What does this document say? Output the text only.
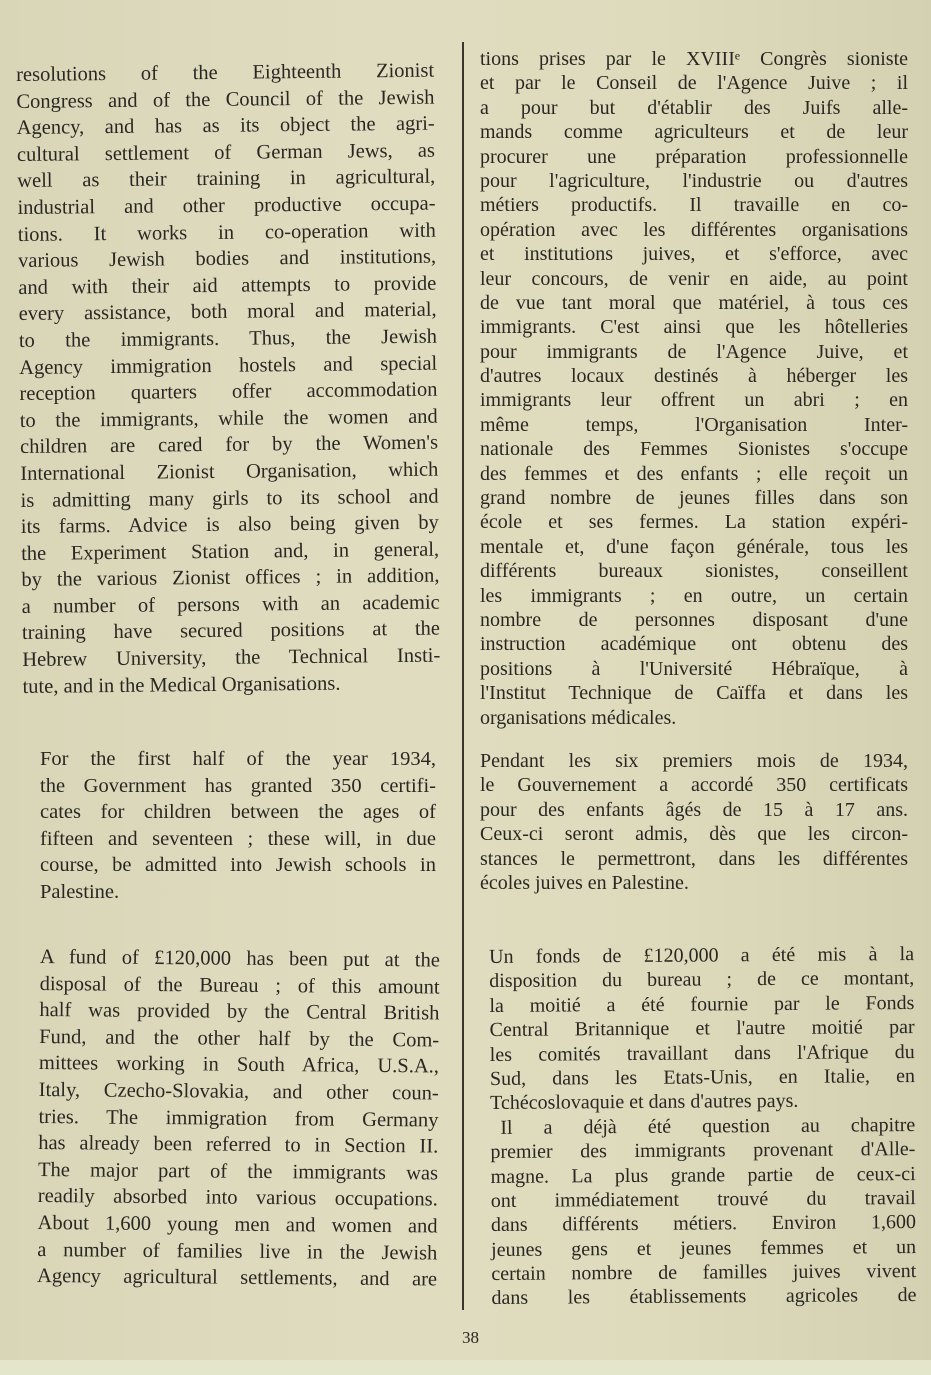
resolutions of the Eighteenth Zionist
Congress and of the Council of the Jewish
Agency, and has as its object the agri-
cultural settlement of German Jews, as
well as their training in agricultural,
industrial and other productive occupa-
tions. It works in co-operation with
various Jewish bodies and institutions,
and with their aid attempts to provide
every assistance, both moral and material,
to the immigrants. Thus, the Jewish
Agency immigration hostels and special
reception quarters offer accommodation
to the immigrants, while the women and
children are cared for by the Women's
International Zionist Organisation, which
is admitting many girls to its school and
its farms. Advice is also being given by
the Experiment Station and, in general,
by the various Zionist offices ; in addition,
a number of persons with an academic
training have secured positions at the
Hebrew University, the Technical Insti-
tute, and in the Medical Organisations.
For the first half of the year 1934,
the Government has granted 350 certifi-
cates for children between the ages of
fifteen and seventeen ; these will, in due
course, be admitted into Jewish schools in
Palestine.
A fund of £120,000 has been put at the
disposal of the Bureau ; of this amount
half was provided by the Central British
Fund, and the other half by the Com-
mittees working in South Africa, U.S.A.,
Italy, Czecho-Slovakia, and other coun-
tries. The immigration from Germany
has already been referred to in Section II.
The major part of the immigrants was
readily absorbed into various occupations.
About 1,600 young men and women and
a number of families live in the Jewish
Agency agricultural settlements, and are
tions prises par le XVIIIᵉ Congrès sioniste
et par le Conseil de l'Agence Juive ; il
a pour but d'établir des Juifs alle-
mands comme agriculteurs et de leur
procurer une préparation professionnelle
pour l'agriculture, l'industrie ou d'autres
métiers productifs. Il travaille en co-
opération avec les différentes organisations
et institutions juives, et s'efforce, avec
leur concours, de venir en aide, au point
de vue tant moral que matériel, à tous ces
immigrants. C'est ainsi que les hôtelleries
pour immigrants de l'Agence Juive, et
d'autres locaux destinés à héberger les
immigrants leur offrent un abri ; en
même temps, l'Organisation Inter-
nationale des Femmes Sionistes s'occupe
des femmes et des enfants ; elle reçoit un
grand nombre de jeunes filles dans son
école et ses fermes. La station expéri-
mentale et, d'une façon générale, tous les
différents bureaux sionistes, conseillent
les immigrants ; en outre, un certain
nombre de personnes disposant d'une
instruction académique ont obtenu des
positions à l'Université Hébraïque, à
l'Institut Technique de Caïffa et dans les
organisations médicales.
Pendant les six premiers mois de 1934,
le Gouvernement a accordé 350 certificats
pour des enfants âgés de 15 à 17 ans.
Ceux-ci seront admis, dès que les circon-
stances le permettront, dans les différentes
écoles juives en Palestine.
Un fonds de £120,000 a été mis à la
disposition du bureau ; de ce montant,
la moitié a été fournie par le Fonds
Central Britannique et l'autre moitié par
les comités travaillant dans l'Afrique du
Sud, dans les Etats-Unis, en Italie, en
Tchécoslovaquie et dans d'autres pays.
Il a déjà été question au chapitre
premier des immigrants provenant d'Alle-
magne. La plus grande partie de ceux-ci
ont immédiatement trouvé du travail
dans différents métiers. Environ 1,600
jeunes gens et jeunes femmes et un
certain nombre de familles juives vivent
dans les établissements agricoles de
38
